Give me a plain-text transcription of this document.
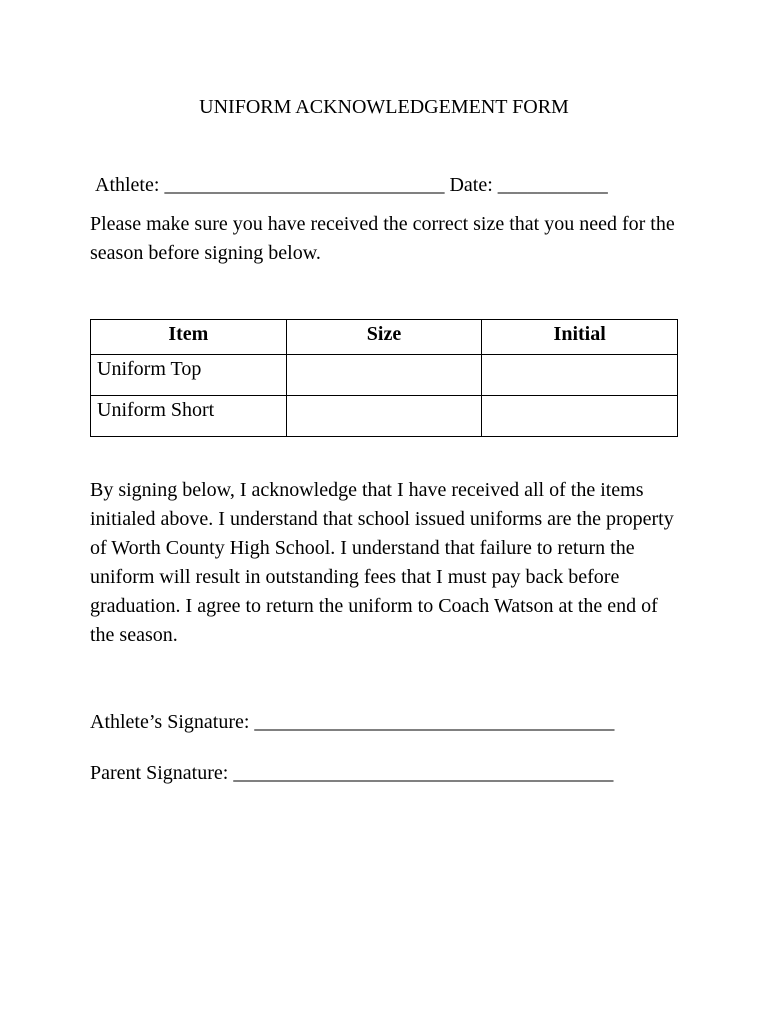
UNIFORM ACKNOWLEDGEMENT FORM
Athlete: ____________________________ Date: ___________
Please make sure you have received the correct size that you need for the season before signing below.
Item	Size	Initial
Uniform Top		
Uniform Short		
By signing below, I acknowledge that I have received all of the items initialed above. I understand that school issued uniforms are the property of Worth County High School. I understand that failure to return the uniform will result in outstanding fees that I must pay back before graduation. I agree to return the uniform to Coach Watson at the end of the season.
Athlete’s Signature: ____________________________________
Parent Signature: ______________________________________
